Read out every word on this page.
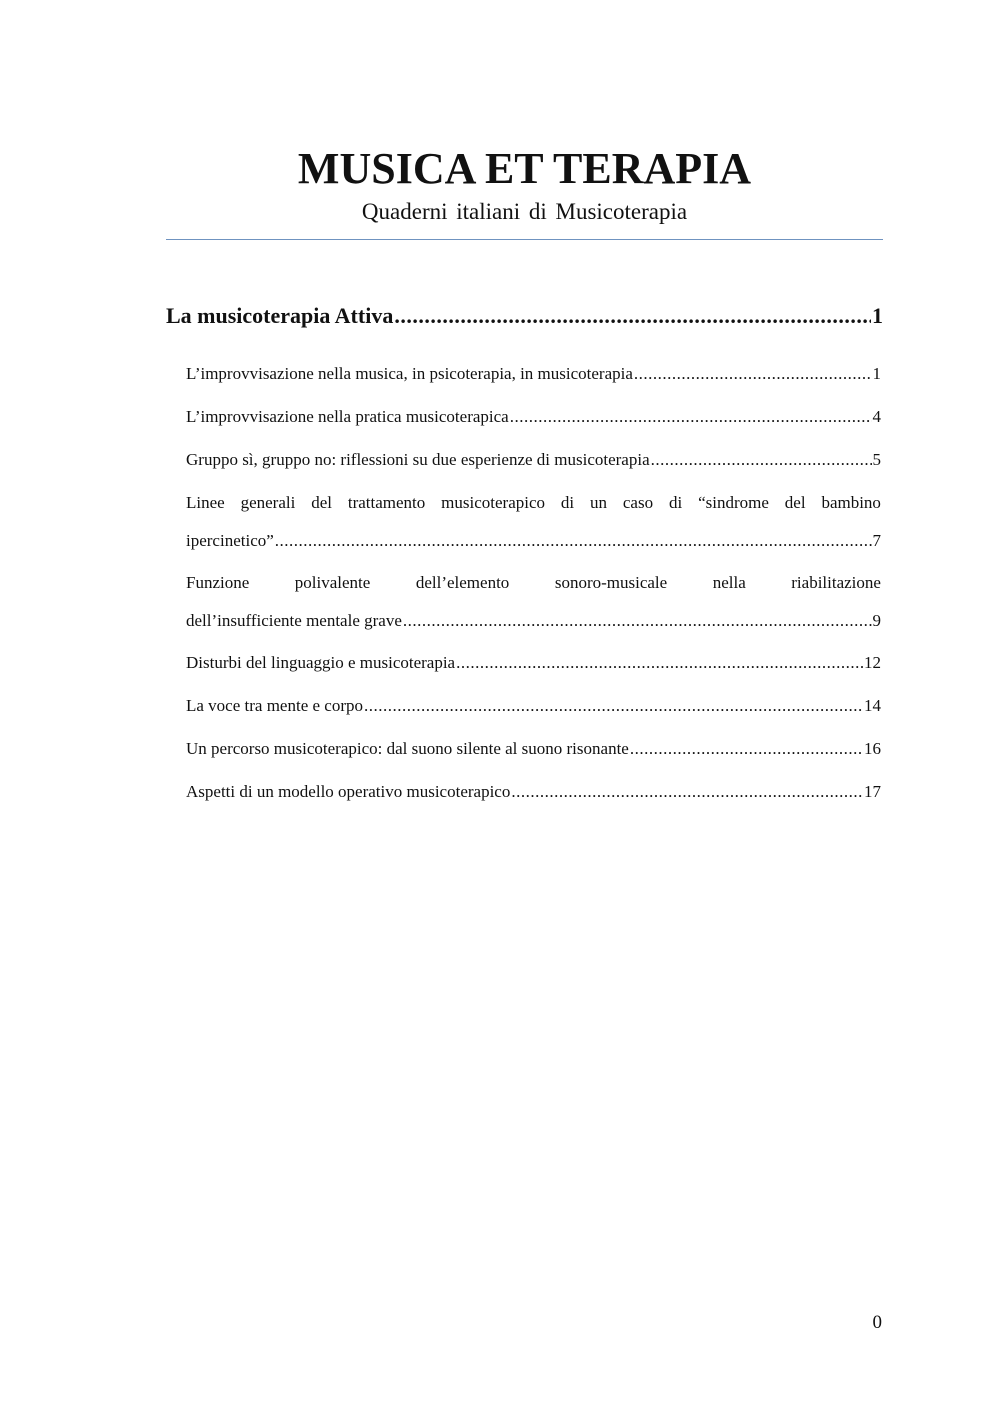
MUSICA ET TERAPIA

Quaderni italiani di Musicoterapia

La musicoterapia Attiva .....	1
L’improvvisazione nella musica, in psicoterapia, in musicoterapia .....	1
L’improvvisazione nella pratica musicoterapica .....	4
Gruppo sì, gruppo no: riflessioni su due esperienze di musicoterapia .....	5
Linee generali del trattamento musicoterapico di un caso di “sindrome del bambino
ipercinetico” .....	7
Funzione	polivalente	dell’elemento	sonoro-musicale	nella	riabilitazione
dell’insufficiente mentale grave .....	9
Disturbi del linguaggio e musicoterapia .....	12
La voce tra mente e corpo .....	14
Un percorso musicoterapico: dal suono silente al suono risonante .....	16
Aspetti di un modello operativo musicoterapico .....	17
0
